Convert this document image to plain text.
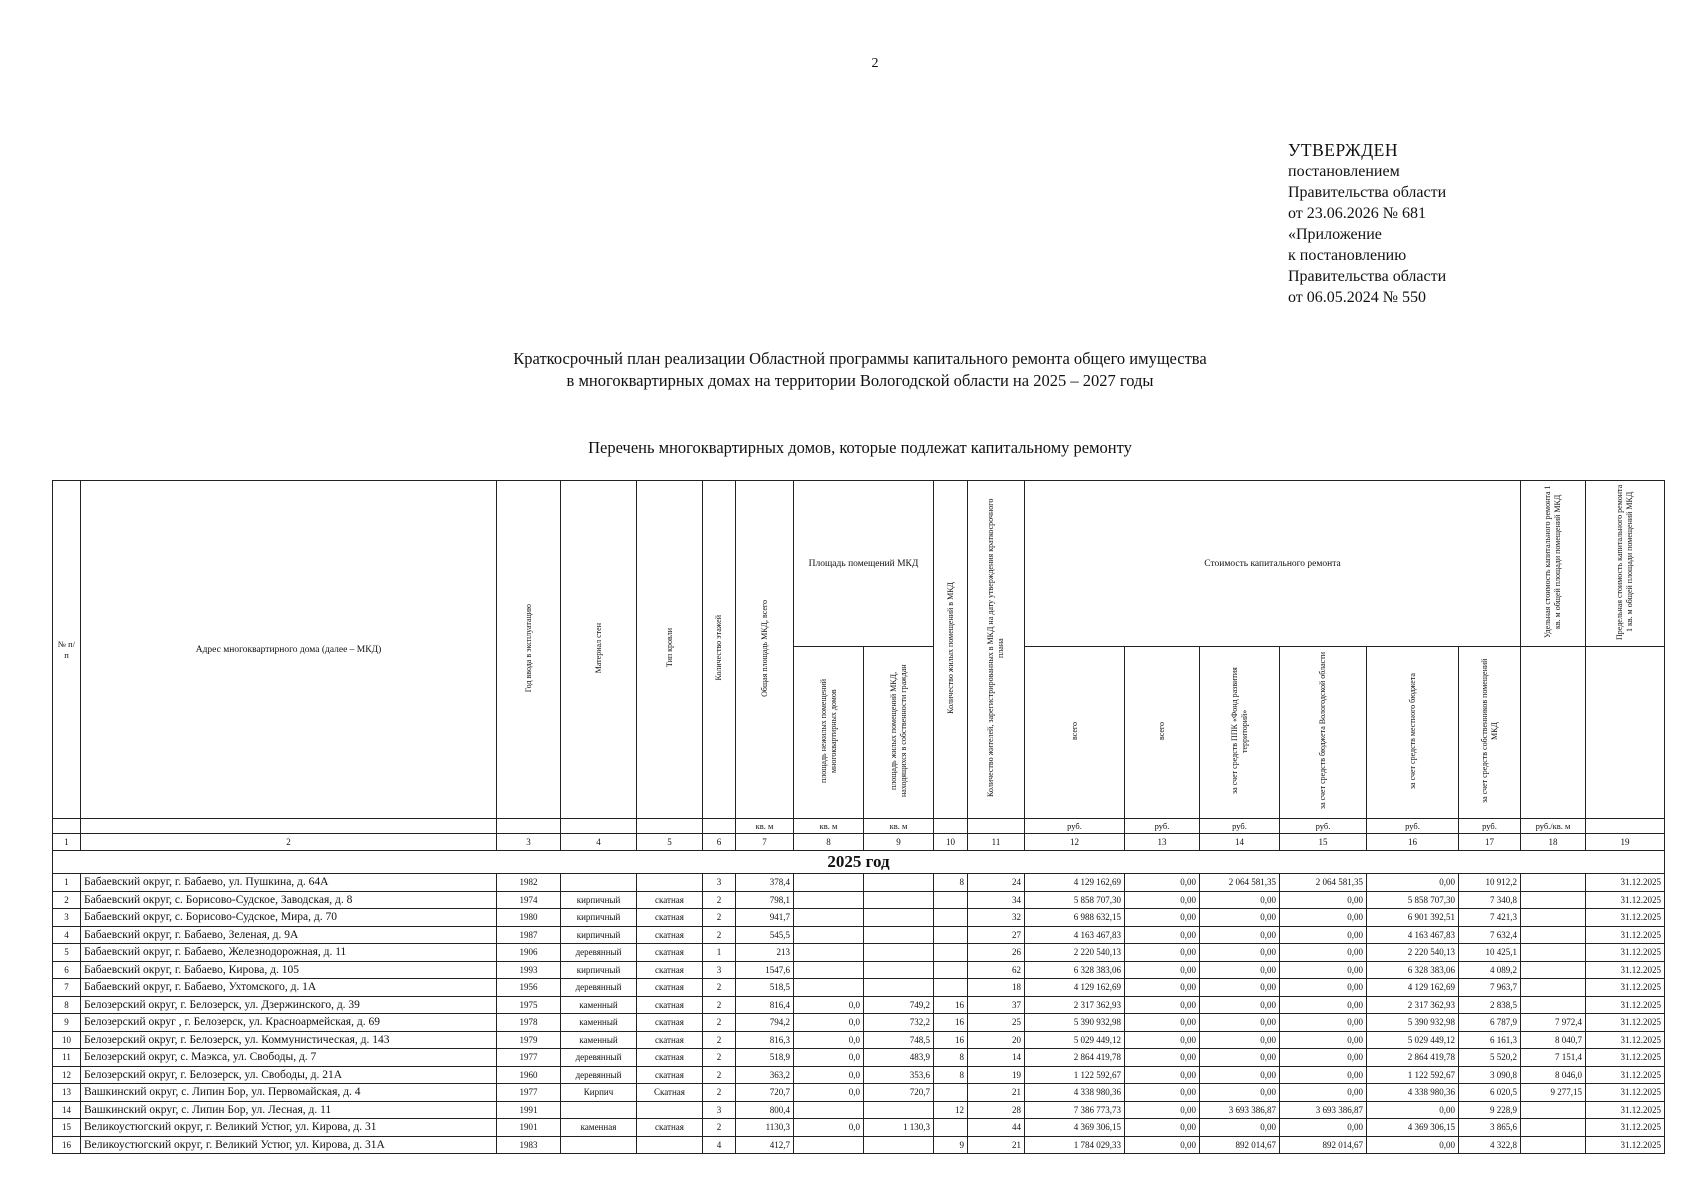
2
УТВЕРЖДЕН
постановлением
Правительства области
от 23.06.2026 № 681
«Приложение
к постановлению
Правительства области
от 06.05.2024 № 550
Краткосрочный план реализации Областной программы капитального ремонта общего имущества
в многоквартирных домах на территории Вологодской области на 2025 – 2027 годы
Перечень многоквартирных домов, которые подлежат капитальному ремонту
№ п/п	Адрес многоквартирного дома (далее – МКД)	Год ввода в эксплуатацию	Материал стен	Тип кровли	Количество этажей	Общая площадь МКД, всего	Площадь помещений МКД		Количество жилых помещений в МКД	Количество жителей, зарегистрированных в МКД на дату утверждения краткосрочного плана	Стоимость капитального ремонта						Удельная стоимость капитального ремонта 1 кв. м общей площади помещений МКД	Предельная стоимость капитального ремонта 1 кв. м общей площади помещений МКД	
							площадь нежилых помещений многоквартирных домов	площадь жилых помещений МКД, находящихся в собственности граждан			всего	всего	за счет средств ППК «Фонд развития территорий»	за счет средств бюджета Вологодской области	за счет средств местного бюджета	за счет средств собственников помещений МКД			
						кв. м	кв. м	кв. м			руб.	руб.	руб.	руб.	руб.	руб.	руб./кв. м		
1	2	3	4	5	6	7	8	9	10	11	12	13	14	15	16	17	18	19	
2025 год																			
1	Бабаевский округ, г. Бабаево, ул. Пушкина, д. 64А	1982			3	378,4			8	24	4 129 162,69	0,00	2 064 581,35	2 064 581,35	0,00	10 912,2		31.12.2025	
2	Бабаевский округ, с. Борисово-Судское, Заводская, д. 8	1974	кирпичный	скатная	2	798,1				34	5 858 707,30	0,00	0,00	0,00	5 858 707,30	7 340,8		31.12.2025	
3	Бабаевский округ, с. Борисово-Судское, Мира, д. 70	1980	кирпичный	скатная	2	941,7				32	6 988 632,15	0,00	0,00	0,00	6 901 392,51	7 421,3		31.12.2025	
4	Бабаевский округ, г. Бабаево, Зеленая, д. 9А	1987	кирпичный	скатная	2	545,5				27	4 163 467,83	0,00	0,00	0,00	4 163 467,83	7 632,4		31.12.2025	
5	Бабаевский округ, г. Бабаево, Железнодорожная, д. 11	1906	деревянный	скатная	1	213				26	2 220 540,13	0,00	0,00	0,00	2 220 540,13	10 425,1		31.12.2025	
6	Бабаевский округ, г. Бабаево, Кирова, д. 105	1993	кирпичный	скатная	3	1547,6				62	6 328 383,06	0,00	0,00	0,00	6 328 383,06	4 089,2		31.12.2025	
7	Бабаевский округ, г. Бабаево, Ухтомского, д. 1А	1956	деревянный	скатная	2	518,5				18	4 129 162,69	0,00	0,00	0,00	4 129 162,69	7 963,7		31.12.2025	
8	Белозерский округ, г. Белозерск, ул. Дзержинского, д. 39	1975	каменный	скатная	2	816,4	0,0	749,2	16	37	2 317 362,93	0,00	0,00	0,00	2 317 362,93	2 838,5		31.12.2025	
9	Белозерский округ , г. Белозерск, ул. Красноармейская, д. 69	1978	каменный	скатная	2	794,2	0,0	732,2	16	25	5 390 932,98	0,00	0,00	0,00	5 390 932,98	6 787,9	7 972,4	31.12.2025	
10	Белозерский округ, г. Белозерск, ул. Коммунистическая, д. 143	1979	каменный	скатная	2	816,3	0,0	748,5	16	20	5 029 449,12	0,00	0,00	0,00	5 029 449,12	6 161,3	8 040,7	31.12.2025	
11	Белозерский округ, с. Маэкса, ул. Свободы, д. 7	1977	деревянный	скатная	2	518,9	0,0	483,9	8	14	2 864 419,78	0,00	0,00	0,00	2 864 419,78	5 520,2	7 151,4	31.12.2025	
12	Белозерский округ, г. Белозерск, ул. Свободы, д. 21А	1960	деревянный	скатная	2	363,2	0,0	353,6	8	19	1 122 592,67	0,00	0,00	0,00	1 122 592,67	3 090,8	8 046,0	31.12.2025	
13	Вашкинский округ, с. Липин Бор, ул. Первомайская, д. 4	1977	Кирпич	Скатная	2	720,7	0,0	720,7		21	4 338 980,36	0,00	0,00	0,00	4 338 980,36	6 020,5	9 277,15	31.12.2025	
14	Вашкинский округ, с. Липин Бор, ул. Лесная, д. 11	1991			3	800,4			12	28	7 386 773,73	0,00	3 693 386,87	3 693 386,87	0,00	9 228,9		31.12.2025	
15	Великоустюгский округ, г. Великий Устюг, ул. Кирова, д. 31	1901	каменная	скатная	2	1130,3	0,0	1 130,3		44	4 369 306,15	0,00	0,00	0,00	4 369 306,15	3 865,6		31.12.2025	
16	Великоустюгский округ, г. Великий Устюг, ул. Кирова, д. 31А	1983			4	412,7			9	21	1 784 029,33	0,00	892 014,67	892 014,67	0,00	4 322,8		31.12.2025	
